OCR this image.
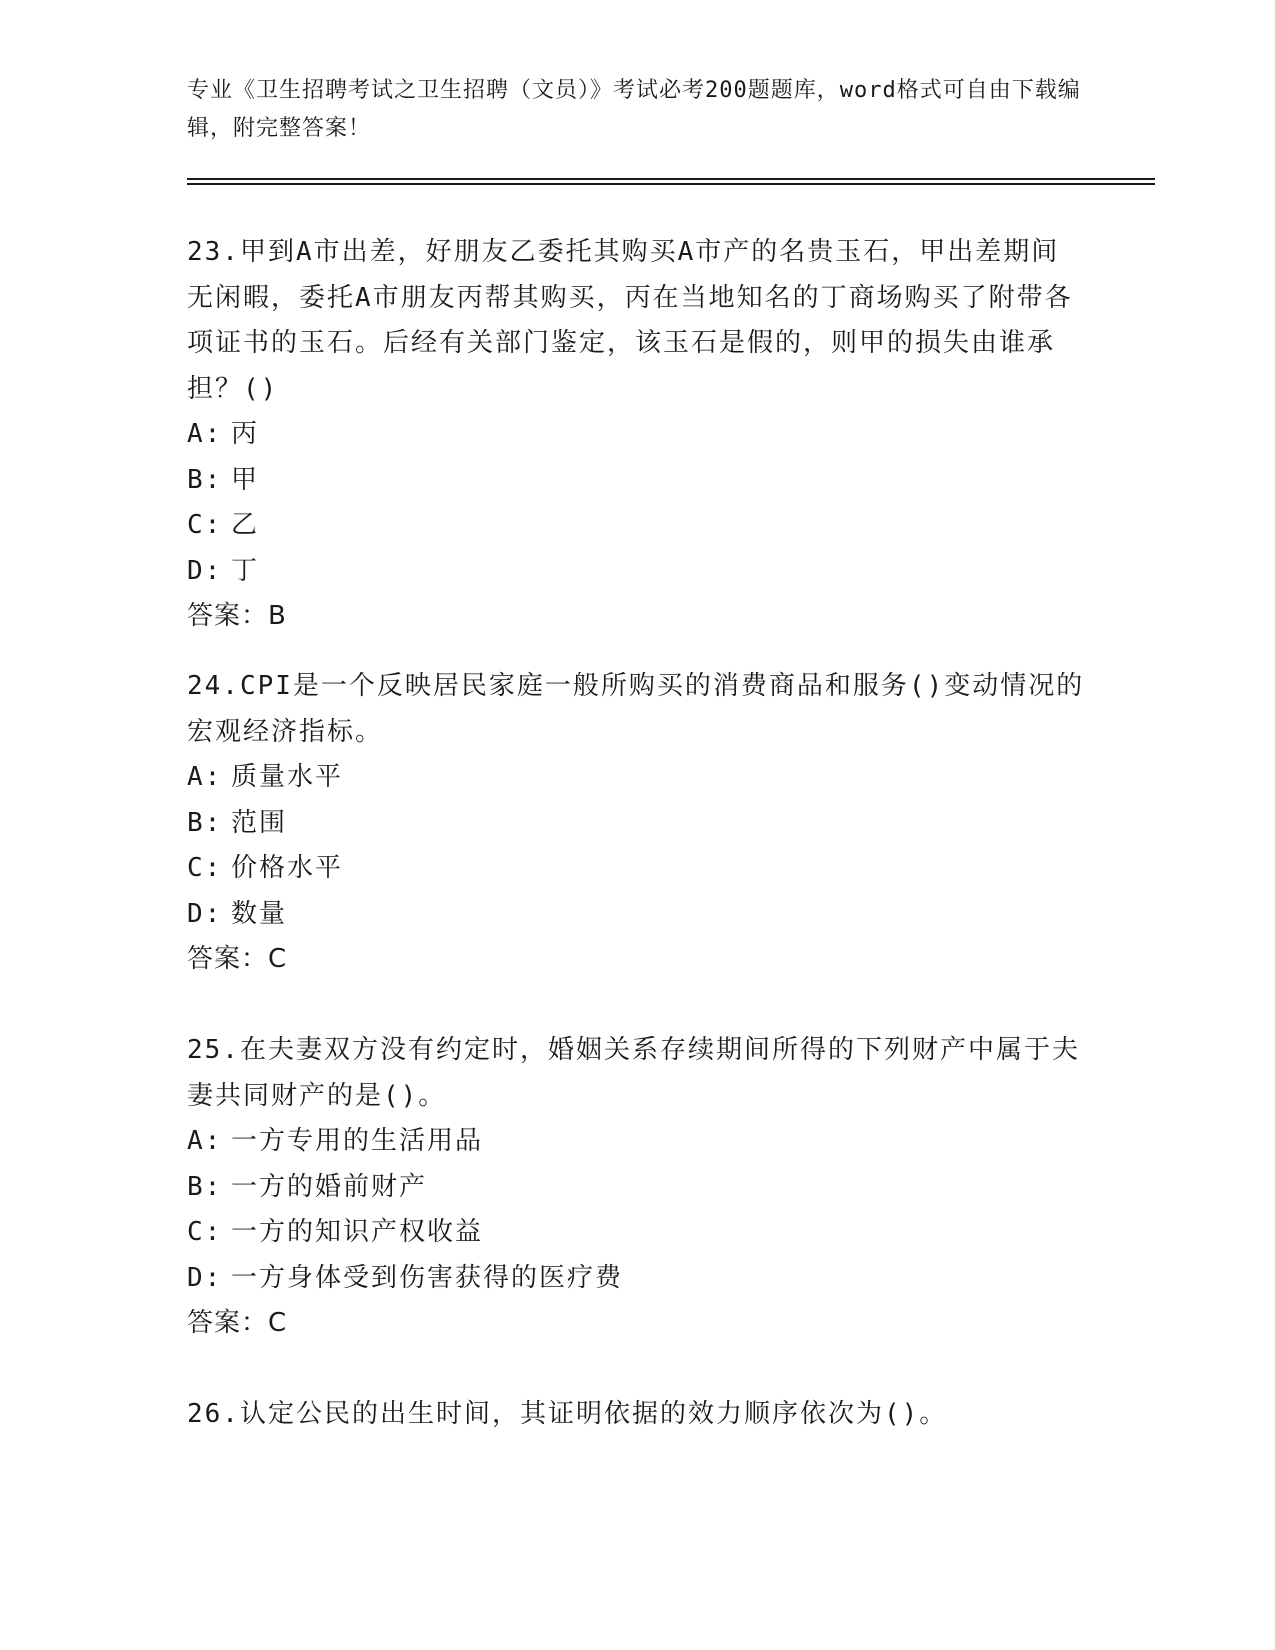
专业《卫生招聘考试之卫生招聘（文员）》考试必考200题题库，word格式可自由下载编辑，附完整答案！

23.甲到A市出差，好朋友乙委托其购买A市产的名贵玉石，甲出差期间无闲暇，委托A市朋友丙帮其购买，丙在当地知名的丁商场购买了附带各项证书的玉石。后经有关部门鉴定，该玉石是假的，则甲的损失由谁承担？()

A: 丙

B: 甲

C: 乙

D: 丁

答案：B

24.CPI是一个反映居民家庭一般所购买的消费商品和服务()变动情况的宏观经济指标。

A: 质量水平

B: 范围

C: 价格水平

D: 数量

答案：C

25.在夫妻双方没有约定时，婚姻关系存续期间所得的下列财产中属于夫妻共同财产的是()。

A: 一方专用的生活用品

B: 一方的婚前财产

C: 一方的知识产权收益

D: 一方身体受到伤害获得的医疗费

答案：C

26.认定公民的出生时间，其证明依据的效力顺序依次为()。
